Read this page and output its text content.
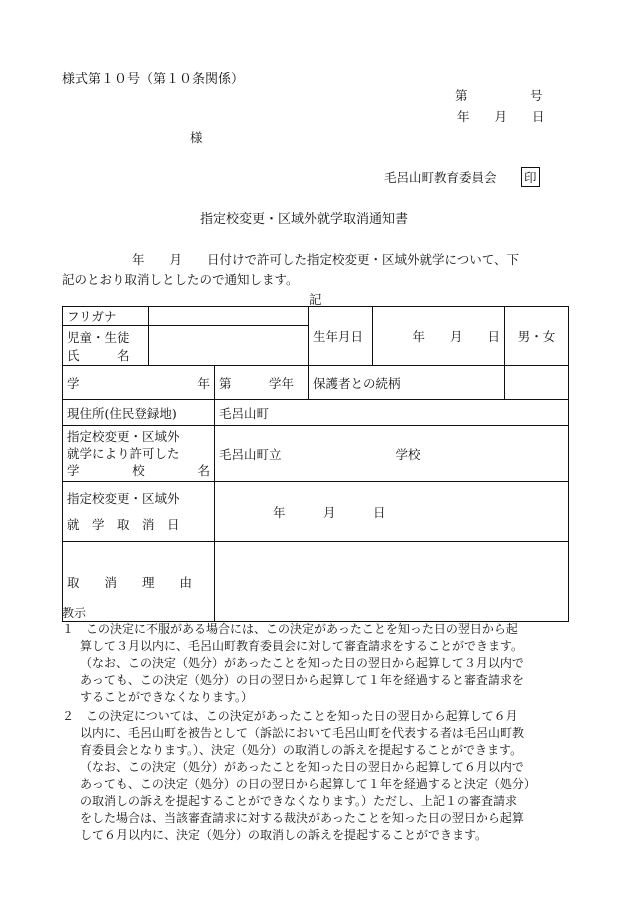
様式第１０号（第１０条関係）
第　　　　　号
年　　月　　日
様
毛呂山町教育委員会 印
指定校変更・区域外就学取消通知書
年　　月　　日付けで許可した指定校変更・区域外就学について、下
記のとおり取消しとしたので通知します。
記
フリガナ			生年月日	年　　月　　日	男・女

児童・生徒
氏　　　名					

学 年		第　　　学年	保護者との続柄		
現住所(住民登録地)		毛呂山町			

指定校変更・区域外
就学により許可した
学 校 名		毛呂山町立 学校			

指定校変更・区域外
就　学　取　消　日		年　　　月　　　日			
取　　消　　理　　由					
教示
１　 この決定に不服がある場合には、この決定があったことを知った日の翌日から起
算して３月以内に、毛呂山町教育委員会に対して審査請求をすることができます。
（なお、この決定（処分）があったことを知った日の翌日から起算して３月以内で
あっても、この決定（処分）の日の翌日から起算して１年を経過すると審査請求を
することができなくなります。）
２　 この決定については、この決定があったことを知った日の翌日から起算して６月
以内に、毛呂山町を被告として（訴訟において毛呂山町を代表する者は毛呂山町教
育委員会となります。）、決定（処分）の取消しの訴えを提起することができます。
（なお、この決定（処分）があったことを知った日の翌日から起算して６月以内で
あっても、この決定（処分）の日の翌日から起算して１年を経過すると決定（処分）
の取消しの訴えを提起することができなくなります。）ただし、上記１の審査請求
をした場合は、当該審査請求に対する裁決があったことを知った日の翌日から起算
して６月以内に、決定（処分）の取消しの訴えを提起することができます。
